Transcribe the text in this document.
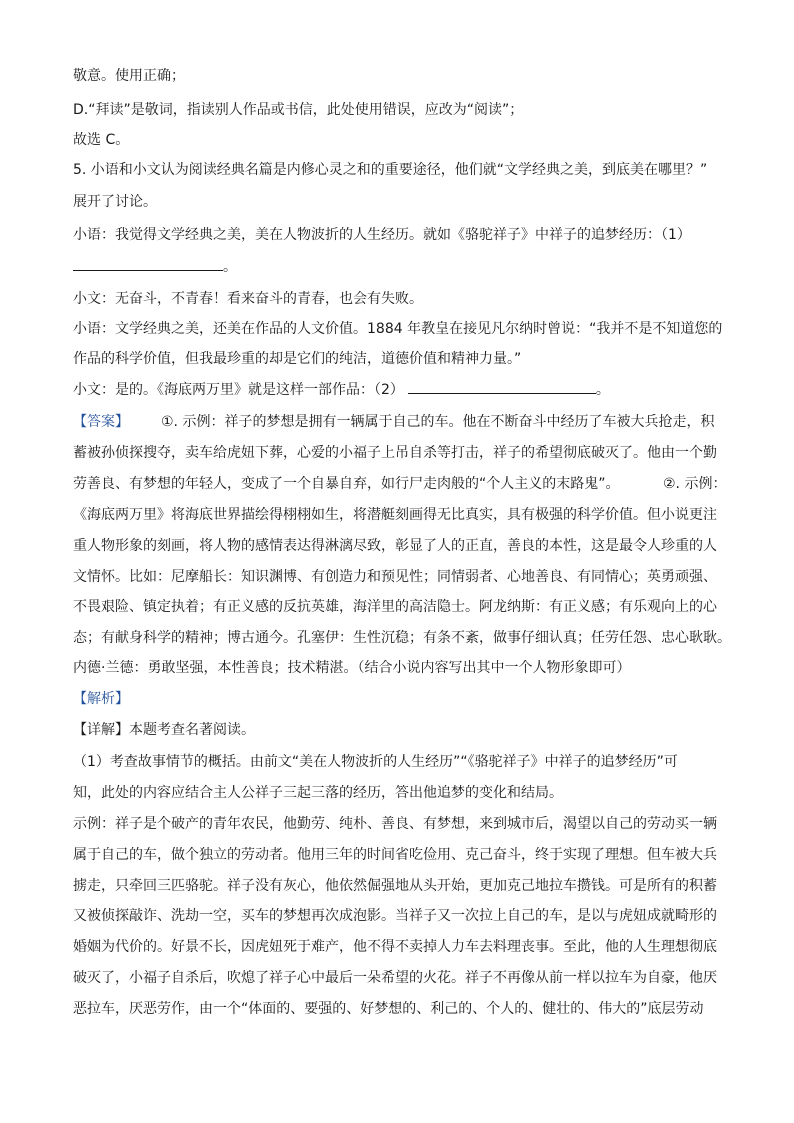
敬意。使用正确；
D.“拜读”是敬词，指读别人作品或书信，此处使用错误，应改为“阅读”；
故选 C。
5. 小语和小文认为阅读经典名篇是内修心灵之和的重要途径，他们就“文学经典之美，到底美在哪里？”
展开了讨论。
小语：我觉得文学经典之美，美在人物波折的人生经历。就如《骆驼祥子》中祥子的追梦经历：（1）
。
小文：无奋斗，不青春！看来奋斗的青春，也会有失败。
小语：文学经典之美，还美在作品的人文价值。1884 年教皇在接见凡尔纳时曾说：“我并不是不知道您的
作品的科学价值，但我最珍重的却是它们的纯洁，道德价值和精神力量。”
小文：是的。《海底两万里》就是这样一部作品：（2）	。
【答案】 ①. 示例：祥子的梦想是拥有一辆属于自己的车。他在不断奋斗中经历了车被大兵抢走，积
蓄被孙侦探搜夺，卖车给虎妞下葬，心爱的小福子上吊自杀等打击，祥子的希望彻底破灭了。他由一个勤
劳善良、有梦想的年轻人，变成了一个自暴自弃，如行尸走肉般的“个人主义的末路鬼”。	②. 示例：
《海底两万里》将海底世界描绘得栩栩如生，将潜艇刻画得无比真实，具有极强的科学价值。但小说更注
重人物形象的刻画，将人物的感情表达得淋漓尽致，彰显了人的正直，善良的本性，这是最令人珍重的人
文情怀。比如：尼摩船长：知识渊博、有创造力和预见性；同情弱者、心地善良、有同情心；英勇顽强、
不畏艰险、镇定执着；有正义感的反抗英雄，海洋里的高洁隐士。阿龙纳斯：有正义感；有乐观向上的心
态；有献身科学的精神；博古通今。孔塞伊：生性沉稳；有条不紊，做事仔细认真；任劳任怨、忠心耿耿。
内德·兰德：勇敢坚强，本性善良；技术精湛。（结合小说内容写出其中一个人物形象即可）
【解析】
【详解】本题考查名著阅读。
（1）考查故事情节的概括。由前文“美在人物波折的人生经历”“《骆驼祥子》中祥子的追梦经历”可
知，此处的内容应结合主人公祥子三起三落的经历，答出他追梦的变化和结局。
示例：祥子是个破产的青年农民，他勤劳、纯朴、善良、有梦想，来到城市后，渴望以自己的劳动买一辆
属于自己的车，做个独立的劳动者。他用三年的时间省吃俭用、克己奋斗，终于实现了理想。但车被大兵
掳走，只牵回三匹骆驼。祥子没有灰心，他依然倔强地从头开始，更加克己地拉车攒钱。可是所有的积蓄
又被侦探敲诈、洗劫一空，买车的梦想再次成泡影。当祥子又一次拉上自己的车，是以与虎妞成就畸形的
婚姻为代价的。好景不长，因虎妞死于难产，他不得不卖掉人力车去料理丧事。至此，他的人生理想彻底
破灭了，小福子自杀后，吹熄了祥子心中最后一朵希望的火花。祥子不再像从前一样以拉车为自豪，他厌
恶拉车，厌恶劳作，由一个“体面的、要强的、好梦想的、利己的、个人的、健壮的、伟大的”底层劳动
